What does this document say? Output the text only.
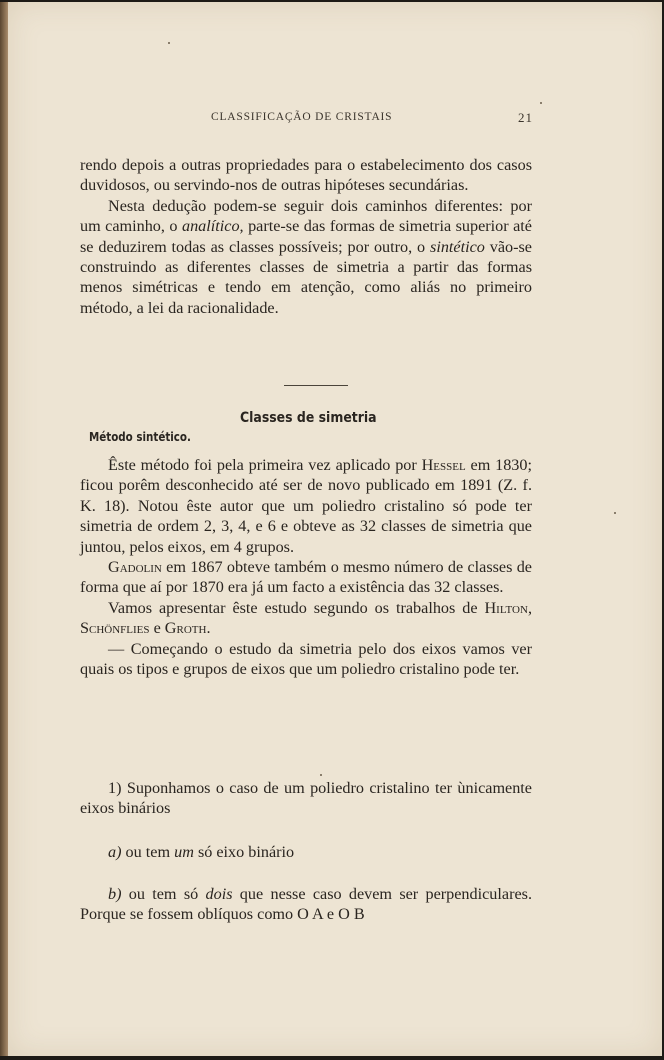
CLASSIFICAÇÃO DE CRISTAIS	21

rendo depois a outras propriedades para o estabelecimento dos casos duvidosos, ou servindo-nos de outras hipóteses secundárias.

Nesta dedução podem-se seguir dois caminhos diferentes: por um caminho, o analítico, parte-se das formas de simetria superior até se deduzirem todas as classes possíveis; por outro, o sintético vão-se construindo as diferentes classes de simetria a partir das formas menos simétricas e tendo em atenção, como aliás no primeiro método, a lei da racionalidade.

Classes de simetria
Método sintético.

Êste método foi pela primeira vez aplicado por Hessel em 1830; ficou porêm desconhecido até ser de novo publicado em 1891 (Z. f. K. 18). Notou êste autor que um poliedro cristalino só pode ter simetria de ordem 2, 3, 4, e 6 e obteve as 32 classes de simetria que juntou, pelos eixos, em 4 grupos.

Gadolin em 1867 obteve também o mesmo número de classes de forma que aí por 1870 era já um facto a existência das 32 classes.

Vamos apresentar êste estudo segundo os trabalhos de Hilton, Schönflies e Groth.

— Começando o estudo da simetria pelo dos eixos vamos ver quais os tipos e grupos de eixos que um poliedro cristalino pode ter.

1) Suponhamos o caso de um poliedro cristalino ter ùnicamente eixos binários

a) ou tem um só eixo binário

b) ou tem só dois que nesse caso devem ser perpendiculares. Porque se fossem oblíquos como O A e O B
